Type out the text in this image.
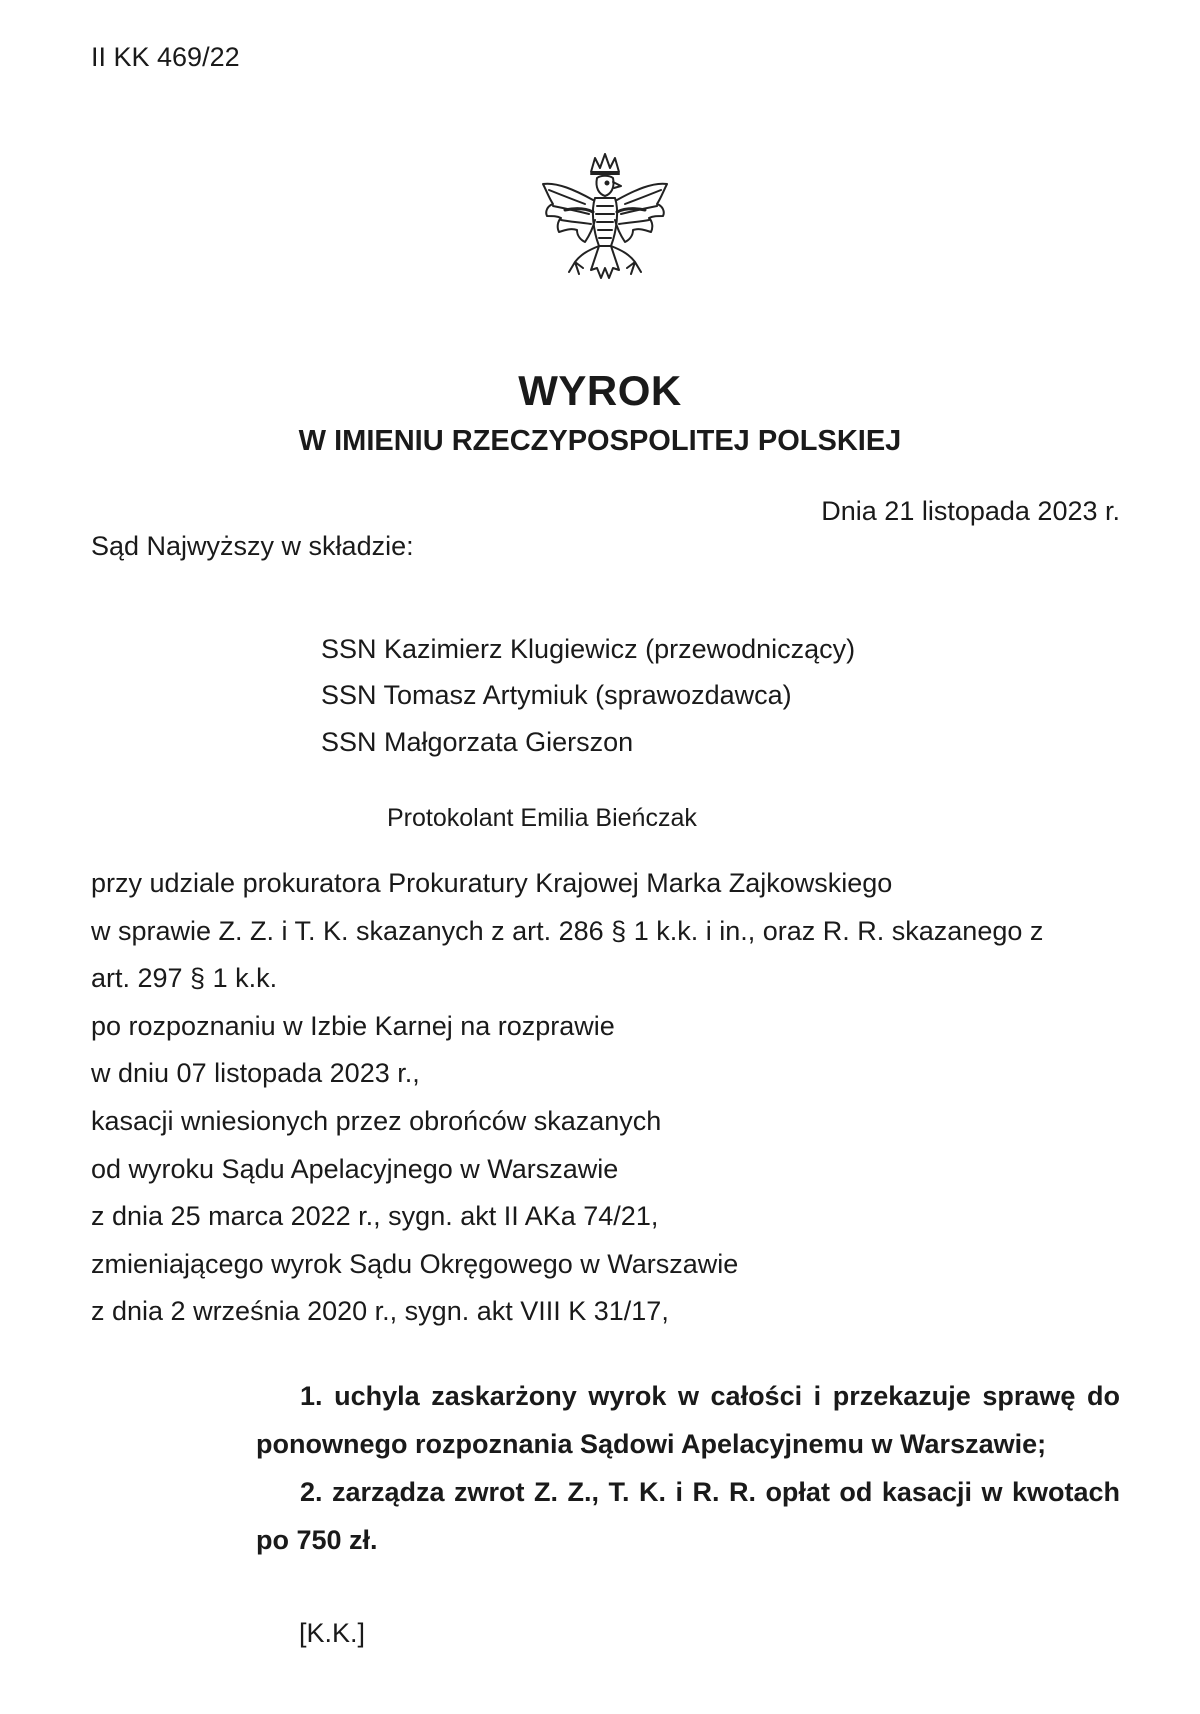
II KK 469/22
WYROK
W IMIENIU RZECZYPOSPOLITEJ POLSKIEJ
Dnia 21 listopada 2023 r.
Sąd Najwyższy w składzie:
SSN Kazimierz Klugiewicz (przewodniczący)
SSN Tomasz Artymiuk (sprawozdawca)
SSN Małgorzata Gierszon
Protokolant Emilia Bieńczak
przy udziale prokuratora Prokuratury Krajowej Marka Zajkowskiego
w sprawie Z. Z. i T. K. skazanych z art. 286 § 1 k.k. i in., oraz R. R. skazanego z
art. 297 § 1 k.k.
po rozpoznaniu w Izbie Karnej na rozprawie
w dniu 07 listopada 2023 r.,
kasacji wniesionych przez obrońców skazanych
od wyroku Sądu Apelacyjnego w Warszawie
z dnia 25 marca 2022 r., sygn. akt II AKa 74/21,
zmieniającego wyrok Sądu Okręgowego w Warszawie
z dnia 2 września 2020 r., sygn. akt VIII K 31/17,

1. uchyla zaskarżony wyrok w całości i przekazuje sprawę do ponownego rozpoznania Sądowi Apelacyjnemu w Warszawie;

2. zarządza zwrot Z. Z., T. K. i R. R. opłat od kasacji w kwotach po 750 zł.

[K.K.]
